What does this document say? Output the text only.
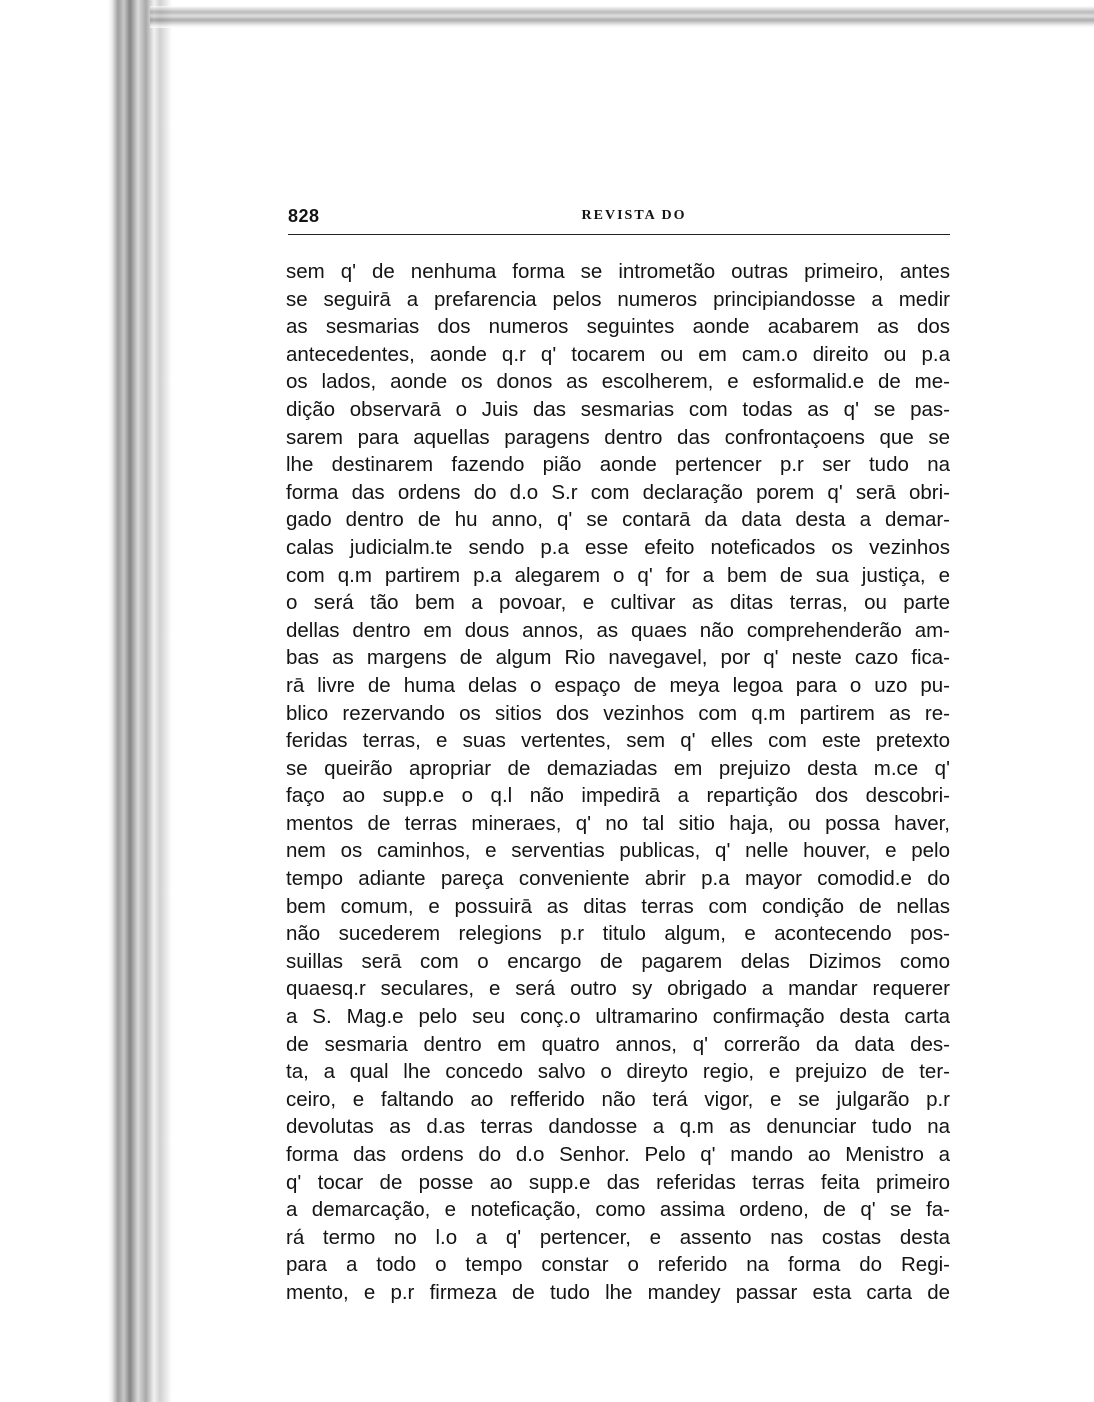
828	REVISTA DO
sem q' de nenhuma forma se intrometão outras primeiro, antes
se seguirā a prefarencia pelos numeros principiandosse a medir
as sesmarias dos numeros seguintes aonde acabarem as dos
antecedentes, aonde q.r q' tocarem ou em cam.o direito ou p.a
os lados, aonde os donos as escolherem, e esformalid.e de me-
dição observarā o Juis das sesmarias com todas as q' se pas-
sarem para aquellas paragens dentro das confrontaçoens que se
lhe destinarem fazendo pião aonde pertencer p.r ser tudo na
forma das ordens do d.o S.r com declaração porem q' serā obri-
gado dentro de hu anno, q' se contarā da data desta a demar-
calas judicialm.te sendo p.a esse efeito noteficados os vezinhos
com q.m partirem p.a alegarem o q' for a bem de sua justiça, e
o será tão bem a povoar, e cultivar as ditas terras, ou parte
dellas dentro em dous annos, as quaes não comprehenderão am-
bas as margens de algum Rio navegavel, por q' neste cazo fica-
rā livre de huma delas o espaço de meya legoa para o uzo pu-
blico rezervando os sitios dos vezinhos com q.m partirem as re-
feridas terras, e suas vertentes, sem q' elles com este pretexto
se queirão apropriar de demaziadas em prejuizo desta m.ce q'
faço ao supp.e o q.l não impedirā a repartição dos descobri-
mentos de terras mineraes, q' no tal sitio haja, ou possa haver,
nem os caminhos, e serventias publicas, q' nelle houver, e pelo
tempo adiante pareça conveniente abrir p.a mayor comodid.e do
bem comum, e possuirā as ditas terras com condição de nellas
não sucederem relegions p.r titulo algum, e acontecendo pos-
suillas serā com o encargo de pagarem delas Dizimos como
quaesq.r seculares, e será outro sy obrigado a mandar requerer
a S. Mag.e pelo seu conç.o ultramarino confirmação desta carta
de sesmaria dentro em quatro annos, q' correrão da data des-
ta, a qual lhe concedo salvo o direyto regio, e prejuizo de ter-
ceiro, e faltando ao refferido não terá vigor, e se julgarão p.r
devolutas as d.as terras dandosse a q.m as denunciar tudo na
forma das ordens do d.o Senhor. Pelo q' mando ao Menistro a
q' tocar de posse ao supp.e das referidas terras feita primeiro
a demarcação, e noteficação, como assima ordeno, de q' se fa-
rá termo no l.o a q' pertencer, e assento nas costas desta
para a todo o tempo constar o referido na forma do Regi-
mento, e p.r firmeza de tudo lhe mandey passar esta carta de
